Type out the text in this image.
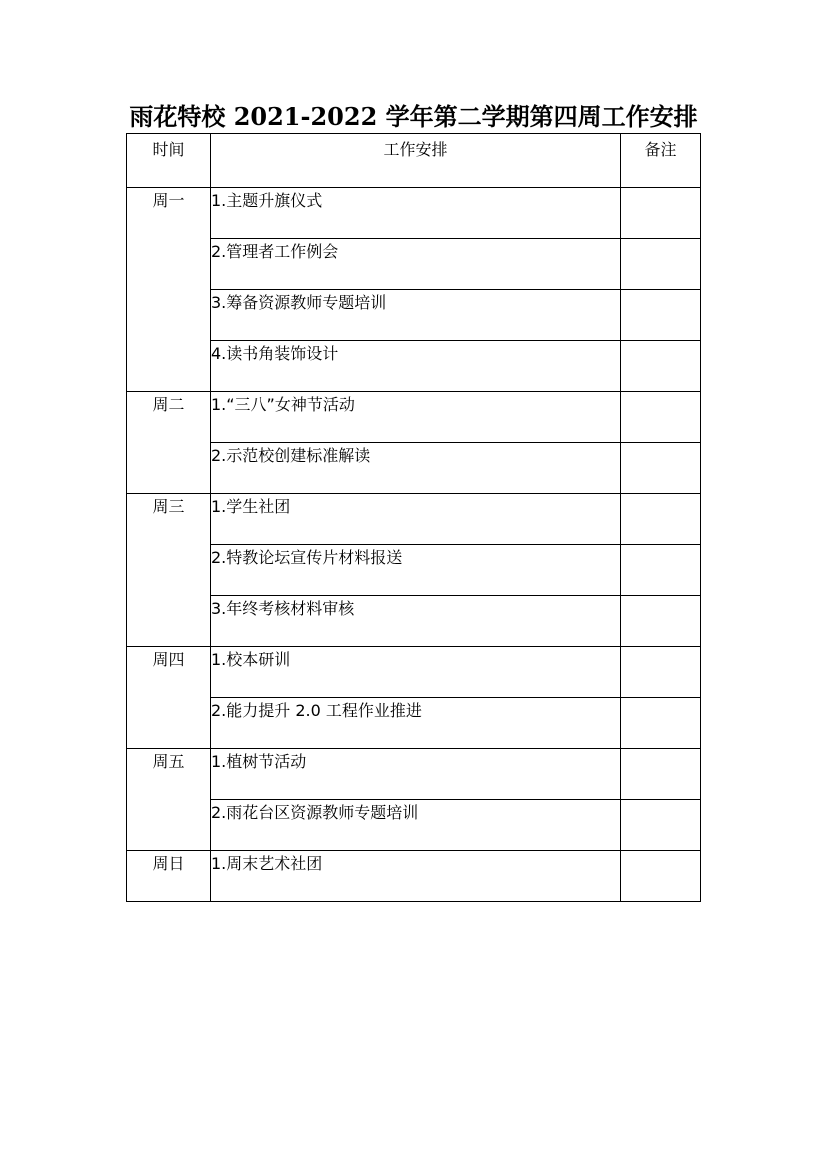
雨花特校 2021-2022 学年第二学期第四周工作安排
时间	工作安排	备注
周一	1.主题升旗仪式	
	2.管理者工作例会	
	3.筹备资源教师专题培训	
	4.读书角装饰设计	
周二	1.“三八”女神节活动	
	2.示范校创建标准解读	
周三	1.学生社团	
	2.特教论坛宣传片材料报送	
	3.年终考核材料审核	
周四	1.校本研训	
	2.能力提升 2.0 工程作业推进	
周五	1.植树节活动	
	2.雨花台区资源教师专题培训	
周日	1.周末艺术社团	
